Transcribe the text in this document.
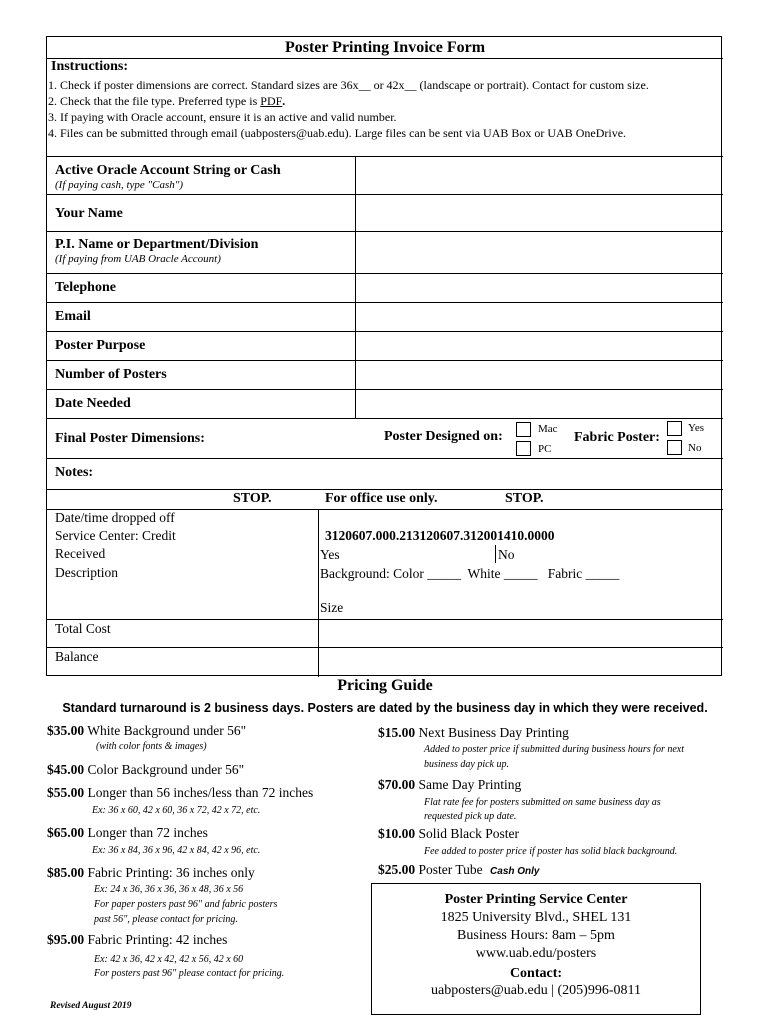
Poster Printing Invoice Form
Instructions:
1. Check if poster dimensions are correct. Standard sizes are 36x__ or 42x__ (landscape or portrait). Contact for custom size.
2. Check that the file type. Preferred type is PDF.
3. If paying with Oracle account, ensure it is an active and valid number.
4. Files can be submitted through email (uabposters@uab.edu). Large files can be sent via UAB Box or UAB OneDrive.
Active Oracle Account String or Cash
(If paying cash, type "Cash")
Your Name
P.I. Name or Department/Division
(If paying from UAB Oracle Account)
Telephone
Email
Poster Purpose
Number of Posters
Date Needed
Final Poster Dimensions:	Poster Designed on:	Mac
PC
Fabric Poster:
Yes
No
Notes:
STOP.	For office use only.	STOP.
Date/time dropped off
Service Center: Credit	3120607.000.213120607.312001410.0000
Received	Yes	No
Description	Background: Color _____  White _____   Fabric _____
Size
Total Cost
Balance
Pricing Guide
Standard turnaround is 2 business days. Posters are dated by the business day in which they were received.
$35.00 White Background under 56"
(with color fonts & images)
$45.00 Color Background under 56"
$55.00 Longer than 56 inches/less than 72 inches
Ex: 36 x 60, 42 x 60, 36 x 72, 42 x 72, etc.
$65.00 Longer than 72 inches
Ex: 36 x 84, 36 x 96, 42 x 84, 42 x 96, etc.
$85.00 Fabric Printing: 36 inches only
Ex: 24 x 36, 36 x 36, 36 x 48, 36 x 56
For paper posters past 96" and fabric posters
past 56", please contact for pricing.
$95.00 Fabric Printing: 42 inches
Ex: 42 x 36, 42 x 42, 42 x 56, 42 x 60
For posters past 96" please contact for pricing.
Revised August 2019
$15.00 Next Business Day Printing
Added to poster price if submitted during business hours for next
business day pick up.
$70.00 Same Day Printing
Flat rate fee for posters submitted on same business day as
requested pick up date.
$10.00 Solid Black Poster
Fee added to poster price if poster has solid black background.
$25.00 Poster Tube Cash Only
Poster Printing Service Center
1825 University Blvd., SHEL 131
Business Hours: 8am – 5pm
www.uab.edu/posters
Contact:
uabposters@uab.edu | (205)996-0811
